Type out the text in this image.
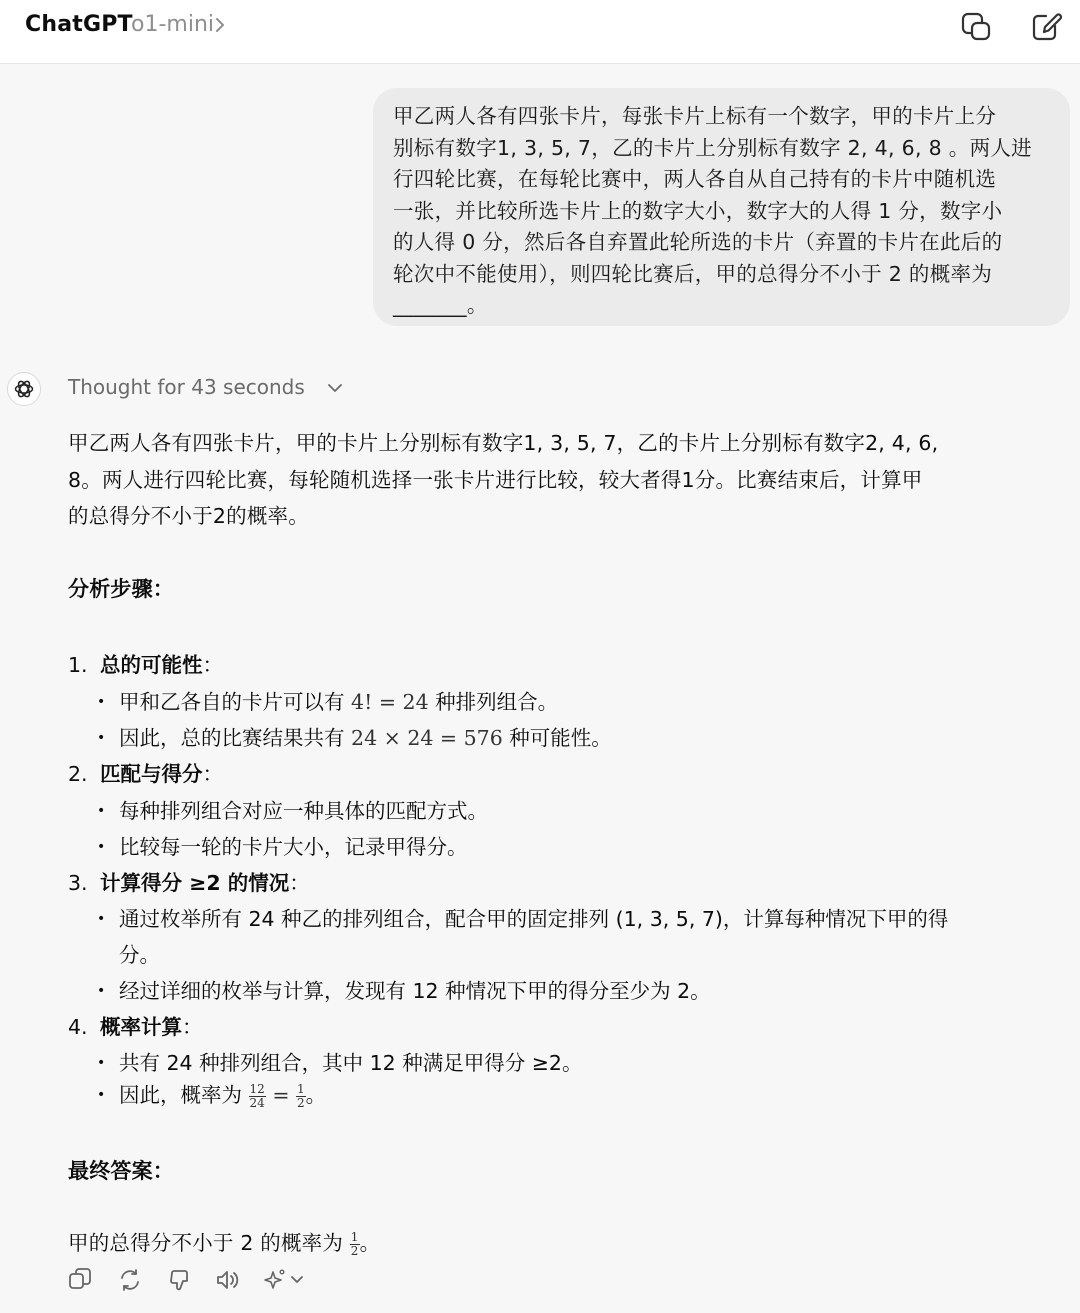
ChatGPT
o1-mini
甲乙两人各有四张卡片，每张卡片上标有一个数字，甲的卡片上分
别标有数字1, 3, 5, 7，乙的卡片上分别标有数字 2, 4, 6, 8 。两人进
行四轮比赛，在每轮比赛中，两人各自从自己持有的卡片中随机选
一张，并比较所选卡片上的数字大小，数字大的人得 1 分，数字小
的人得 0 分，然后各自弃置此轮所选的卡片（弃置的卡片在此后的
轮次中不能使用），则四轮比赛后，甲的总得分不小于 2 的概率为
_______。
Thought for 43 seconds
甲乙两人各有四张卡片，甲的卡片上分别标有数字1, 3, 5, 7，乙的卡片上分别标有数字2, 4, 6,
8。两人进行四轮比赛，每轮随机选择一张卡片进行比较，较大者得1分。比赛结束后，计算甲
的总得分不小于2的概率。
分析步骤：
1. 总的可能性：
• 甲和乙各自的卡片可以有 4! = 24 种排列组合。
• 因此，总的比赛结果共有 24 × 24 = 576 种可能性。
2. 匹配与得分：
• 每种排列组合对应一种具体的匹配方式。
• 比较每一轮的卡片大小，记录甲得分。
3. 计算得分 ≥2 的情况：
• 通过枚举所有 24 种乙的排列组合，配合甲的固定排列 (1, 3, 5, 7)，计算每种情况下甲的得
分。
• 经过详细的枚举与计算，发现有 12 种情况下甲的得分至少为 2。
4. 概率计算：
• 共有 24 种排列组合，其中 12 种满足甲得分 ≥2。
• 因此，概率为 $\frac{12}{24} = \frac{1}{2}$ 。
最终答案：
甲的总得分不小于 2 的概率为 $\frac{1}{2}$ 。
